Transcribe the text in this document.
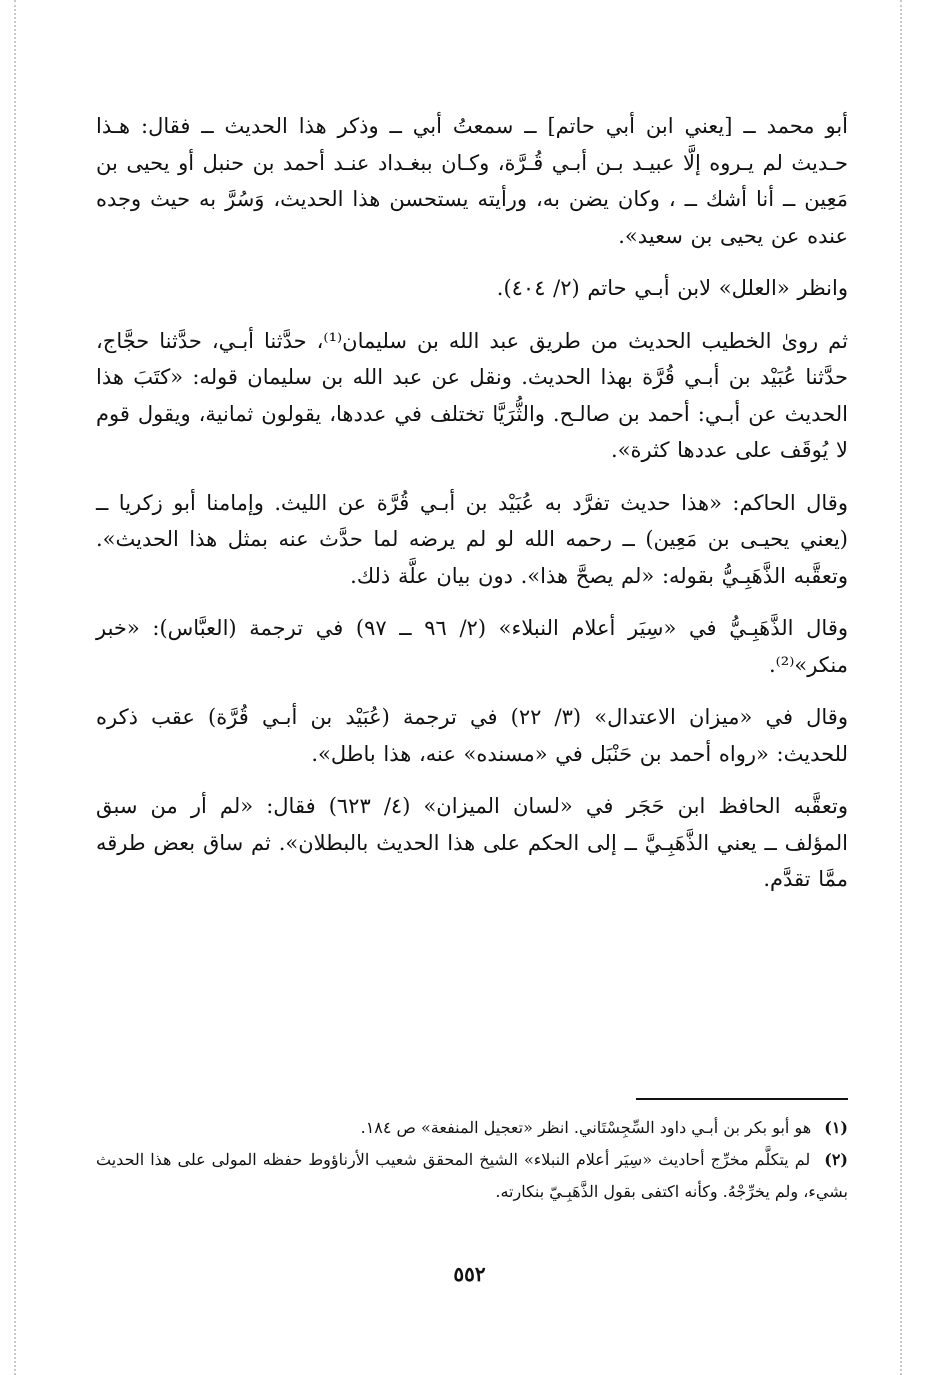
أبو محمد ــ [يعني ابن أبي حاتم] ــ سمعتُ أبي ــ وذكر هذا الحديث ــ فقال: هـذا حـديث لم يـروه إلَّا عبيـد بـن أبـي قُـرَّة، وكـان ببغـداد عنـد أحمد بن حنبل أو يحيى بن مَعِين ــ أنا أشك ــ ، وكان يضن به، ورأيته يستحسن هذا الحديث، وَسُرَّ به حيث وجده عنده عن يحيى بن سعيد».

وانظر «العلل» لابن أبـي حاتم (٢/ ٤٠٤).

ثم روىٰ الخطيب الحديث من طريق عبد الله بن سليمان⁽¹⁾، حدَّثنا أبـي، حدَّثنا حجَّاج، حدَّثنا عُبَيْد بن أبـي قُرَّة بهذا الحديث. ونقل عن عبد الله بن سليمان قوله: «كتَبَ هذا الحديث عن أبـي: أحمد بن صالـح. والثُّرَيَّا تختلف في عددها، يقولون ثمانية، ويقول قوم لا يُوقَف على عددها كثرة».

وقال الحاكم: «هذا حديث تفرَّد به عُبَيْد بن أبـي قُرَّة عن الليث. وإمامنا أبو زكريا ــ (يعني يحيـى بن مَعِين) ــ رحمه الله لو لم يرضه لما حدَّث عنه بمثل هذا الحديث». وتعقَّبه الذَّهَبِـيُّ بقوله: «لم يصحَّ هذا». دون بيان علَّة ذلك.

وقال الذَّهَبِـيُّ في «سِيَر أعلام النبلاء» (٢/ ٩٦ ــ ٩٧) في ترجمة (العبَّاس): «خبر منكر»⁽²⁾.

وقال في «ميزان الاعتدال» (٣/ ٢٢) في ترجمة (عُبَيْد بن أبـي قُرَّة) عقب ذكره للحديث: «رواه أحمد بن حَنْبَل في «مسنده» عنه، هذا باطل».

وتعقَّبه الحافظ ابن حَجَر في «لسان الميزان» (٤/ ٦٢٣) فقال: «لم أر من سبق المؤلف ــ يعني الذَّهَبِـيَّ ــ إلى الحكم على هذا الحديث بالبطلان». ثم ساق بعض طرقه ممَّا تقدَّم.

(١) هو أبو بكر بن أبـي داود السِّجِسْتَاني. انظر «تعجيل المنفعة» ص ١٨٤.

(٢) لم يتكلَّم مخرِّج أحاديث «سِيَر أعلام النبلاء» الشيخ المحقق شعيب الأرناؤوط حفظه المولى على هذا الحديث بشيء، ولم يخرِّجْهُ. وكأنه اكتفى بقول الذَّهَبِـيّ بنكارته.

٥٥٢
